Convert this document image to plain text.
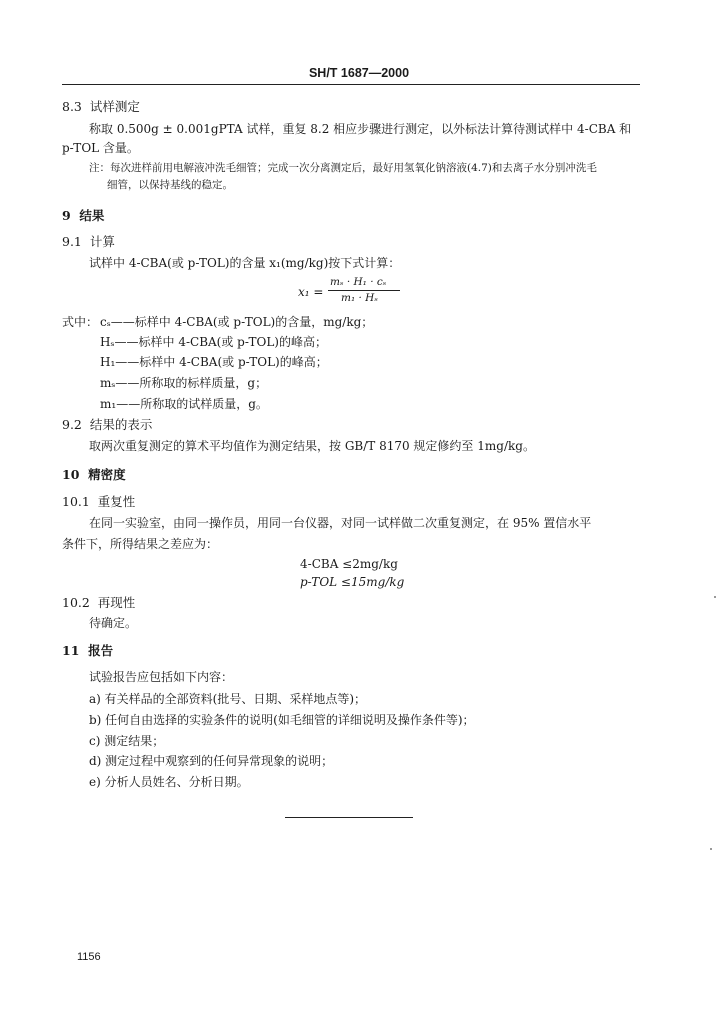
SH/T 1687—2000
8.3 试样测定
称取 0.500g ± 0.001gPTA 试样，重复 8.2 相应步骤进行测定，以外标法计算待测试样中 4-CBA 和
p-TOL 含量。
注：每次进样前用电解液冲洗毛细管；完成一次分离测定后，最好用氢氧化钠溶液(4.7)和去离子水分别冲洗毛
细管，以保持基线的稳定。
9 结果
9.1 计算
试样中 4-CBA(或 p-TOL)的含量 x₁(mg/kg)按下式计算：
x₁ =
mₛ · H₁ · cₛ
m₁ · Hₛ
式中： cₛ——标样中 4-CBA(或 p-TOL)的含量，mg/kg；
Hₛ——标样中 4-CBA(或 p-TOL)的峰高；
H₁——标样中 4-CBA(或 p-TOL)的峰高；
mₛ——所称取的标样质量，g；
m₁——所称取的试样质量，g。
9.2 结果的表示
取两次重复测定的算术平均值作为测定结果，按 GB/T 8170 规定修约至 1mg/kg。
10 精密度
10.1 重复性
在同一实验室，由同一操作员，用同一台仪器，对同一试样做二次重复测定，在 95% 置信水平
条件下，所得结果之差应为：
4-CBA ≤2mg/kg
p-TOL ≤15mg/kg
10.2 再现性
待确定。
11 报告
试验报告应包括如下内容：
a) 有关样品的全部资料(批号、日期、采样地点等)；
b) 任何自由选择的实验条件的说明(如毛细管的详细说明及操作条件等)；
c) 测定结果；
d) 测定过程中观察到的任何异常现象的说明；
e) 分析人员姓名、分析日期。
1156
